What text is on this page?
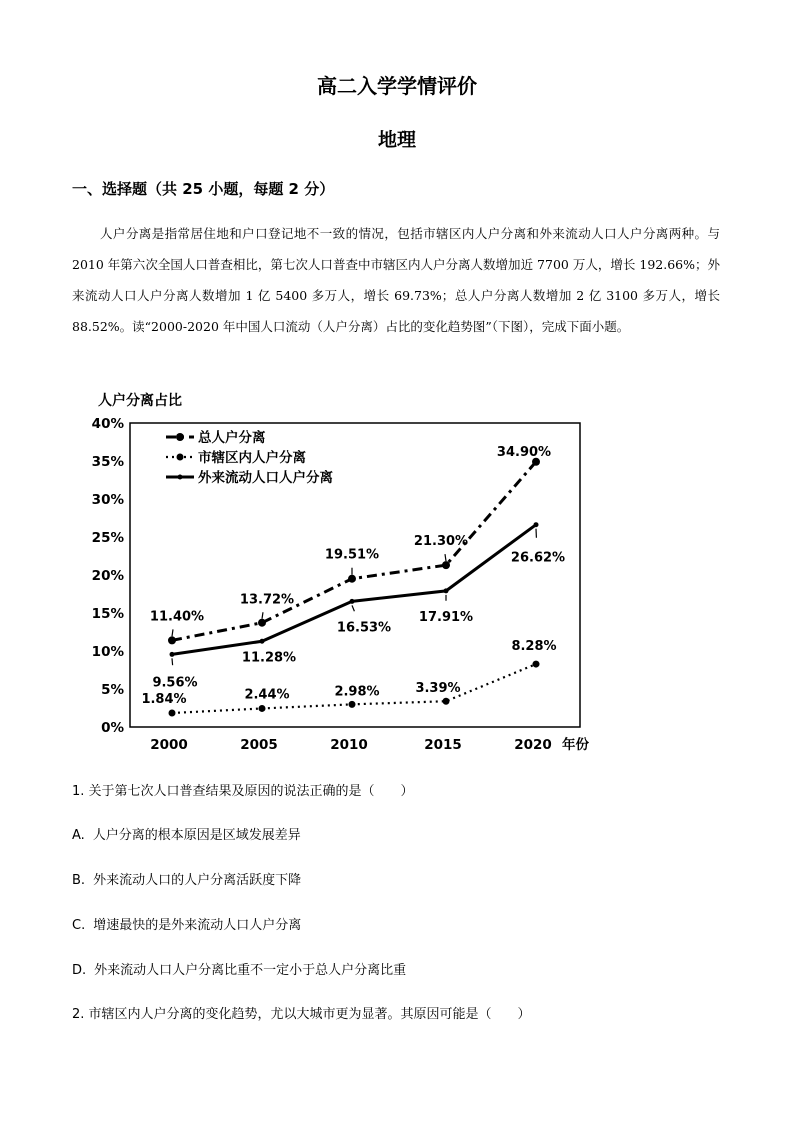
高二入学学情评价
地理
一、选择题（共 25 小题，每题 2 分）
人户分离是指常居住地和户口登记地不一致的情况，包括市辖区内人户分离和外来流动人口人户分离两种。与 2010 年第六次全国人口普查相比，第七次人口普查中市辖区内人户分离人数增加近 7700 万人，增长 192.66%；外来流动人口人户分离人数增加 1 亿 5400 多万人，增长 69.73%；总人户分离人数增加 2 亿 3100 多万人，增长 88.52%。读“2000-2020 年中国人口流动（人户分离）占比的变化趋势图”（下图），完成下面小题。
人户分离占比
0%
5%
10%
15%
20%
25%
30%
35%
40%
2000	2005	2010	2015	2020
11.40%
13.72%
19.51%
21.30%
34.90%
1.84%	2.44%	2.98%	3.39%
8.28%
9.56%
11.28%
16.53%
17.91%
26.62%
总人户分离
市辖区内人户分离
外来流动人口人户分离
年份
1. 关于第七次人口普查结果及原因的说法正确的是（　　）
A. 人户分离的根本原因是区域发展差异
B. 外来流动人口的人户分离活跃度下降
C. 增速最快的是外来流动人口人户分离
D. 外来流动人口人户分离比重不一定小于总人户分离比重
2. 市辖区内人户分离的变化趋势，尤以大城市更为显著。其原因可能是（　　）
